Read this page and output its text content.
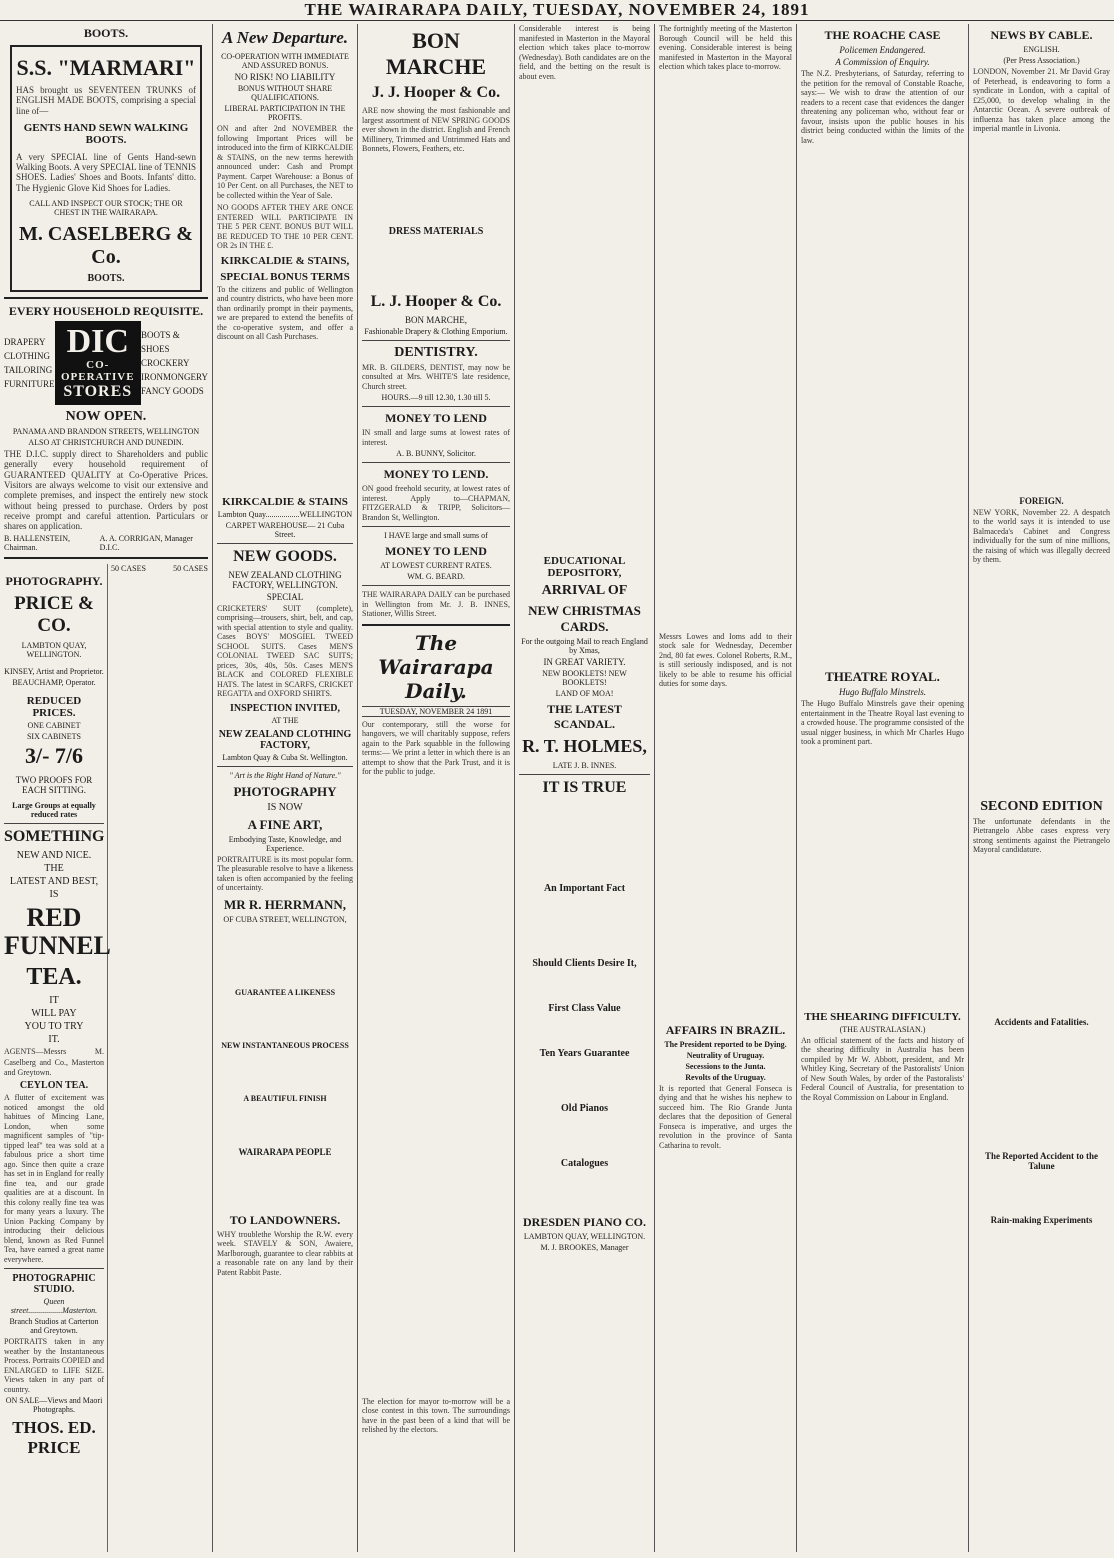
THE WAIRARAPA DAILY, TUESDAY, NOVEMBER 24, 1891
BOOTS.
S.S. "MARMARI"

HAS brought us SEVENTEEN TRUNKS of ENGLISH MADE BOOTS, comprising a special line of—

GENTS HAND SEWN WALKING BOOTS.

A very SPECIAL line of Gents Hand-sewn Walking Boots. A very SPECIAL line of TENNIS SHOES. Ladies' Shoes and Boots. Infants' ditto. The Hygienic Glove Kid Shoes for Ladies.

CALL AND INSPECT OUR STOCK; THE OR CHEST IN THE WAIRARAPA.
M. CASELBERG & Co.
BOOTS.
EVERY HOUSEHOLD REQUISITE.
DRAPERY
CLOTHING
TAILORING
FURNITURE
DIC
CO-OPERATIVE
STORES
BOOTS & SHOES
CROCKERY
IRONMONGERY
FANCY GOODS
NOW OPEN.
PANAMA AND BRANDON STREETS, WELLINGTON
ALSO AT CHRISTCHURCH AND DUNEDIN.

THE D.I.C. supply direct to Shareholders and public generally every household requirement of GUARANTEED QUALITY at Co-Operative Prices. Visitors are always welcome to visit our extensive and complete premises, and inspect the entirely new stock without being pressed to purchase. Orders by post receive prompt and careful attention. Particulars or shares on application.

B. HALLENSTEIN, Chairman.
A. A. CORRIGAN, Manager D.I.C.
PHOTOGRAPHY.
PRICE & CO.
LAMBTON QUAY, WELLINGTON.
KINSEY, Artist and Proprietor.
BEAUCHAMP, Operator.
REDUCED PRICES.
ONE CABINET
SIX CABINETS
3/- 7/6
TWO PROOFS FOR EACH SITTING.
Large Groups at equally reduced rates
SOMETHING
NEW AND NICE.
THE
LATEST AND BEST,
IS
RED FUNNEL
TEA.
IT
WILL PAY
YOU TO TRY
IT.

AGENTS—Messrs M. Caselberg and Co., Masterton and Greytown.

CEYLON TEA.

A flutter of excitement was noticed amongst the old habitues of Mincing Lane, London, when some magnificent samples of "tip-tipped leaf" tea was sold at a fabulous price a short time ago. Since then quite a craze has set in in England for really fine tea, and our grade qualities are at a discount. In this colony really fine tea was for many years a luxury. The Union Packing Company by introducing their delicious blend, known as Red Funnel Tea, have earned a great name everywhere.

PHOTOGRAPHIC STUDIO.
Queen street.................Masterton.
Branch Studios at Carterton and Greytown.

PORTRAITS taken in any weather by the Instantaneous Process. Portraits COPIED and ENLARGED to LIFE SIZE. Views taken in any part of country.

ON SALE—Views and Maori Photographs.
THOS. ED. PRICE
50 CASES	50 CASES
A New Departure.
CO-OPERATION WITH IMMEDIATE AND ASSURED BONUS.
NO RISK! NO LIABILITY
BONUS WITHOUT SHARE QUALIFICATIONS.
LIBERAL PARTICIPATION IN THE PROFITS.

ON and after 2nd NOVEMBER the following Important Prices will be introduced into the firm of KIRKCALDIE & STAINS, on the new terms herewith announced under: Cash and Prompt Payment. Carpet Warehouse: a Bonus of 10 Per Cent. on all Purchases, the NET to be collected within the Year of Sale.

NO GOODS AFTER THEY ARE ONCE ENTERED WILL PARTICIPATE IN THE 5 PER CENT. BONUS BUT WILL BE REDUCED TO THE 10 PER CENT. OR 2s IN THE £.

KIRKCALDIE & STAINS,
SPECIAL BONUS TERMS

To the citizens and public of Wellington and country districts, who have been more than ordinarily prompt in their payments, we are prepared to extend the benefits of the co-operative system, and offer a discount on all Cash Purchases.

KIRKCALDIE & STAINS
Lambton Quay.................WELLINGTON
CARPET WAREHOUSE— 21 Cuba Street.
NEW GOODS.
NEW ZEALAND CLOTHING FACTORY, WELLINGTON.
SPECIAL

CRICKETERS' SUIT (complete), comprising—trousers, shirt, belt, and cap, with special attention to style and quality. Cases BOYS' MOSGIEL TWEED SCHOOL SUITS. Cases MEN'S COLONIAL TWEED SAC SUITS; prices, 30s, 40s, 50s. Cases MEN'S BLACK and COLORED FLEXIBLE HATS. The latest in SCARFS, CRICKET REGATTA and OXFORD SHIRTS.

INSPECTION INVITED,
AT THE
NEW ZEALAND CLOTHING FACTORY,
Lambton Quay & Cuba St. Wellington.
" Art is the Right Hand of Nature."
PHOTOGRAPHY
IS NOW
A FINE ART,
Embodying Taste, Knowledge, and Experience.

PORTRAITURE is its most popular form. The pleasurable resolve to have a likeness taken is often accompanied by the feeling of uncertainty.

MR R. HERRMANN,
OF CUBA STREET, WELLINGTON,
GUARANTEE A LIKENESS
NEW INSTANTANEOUS PROCESS
A BEAUTIFUL FINISH
WAIRARAPA PEOPLE
TO LANDOWNERS.

WHY troublethe Worship the R.W. every week. STAVELY & SON, Awaiere, Marlborough, guarantee to clear rabbits at a reasonable rate on any land by their Patent Rabbit Paste.

BON MARCHE
J. J. Hooper & Co.

ARE now showing the most fashionable and largest assortment of NEW SPRING GOODS ever shown in the district. English and French Millinery, Trimmed and Untrimmed Hats and Bonnets, Flowers, Feathers, etc.

DRESS MATERIALS
L. J. Hooper & Co.
BON MARCHE,
Fashionable Drapery & Clothing Emporium.
DENTISTRY.

MR. B. GILDERS, DENTIST, may now be consulted at Mrs. WHITE'S late residence, Church street.

HOURS.—9 till 12.30, 1.30 till 5.
MONEY TO LEND

IN small and large sums at lowest rates of interest.

A. B. BUNNY, Solicitor.
MONEY TO LEND.

ON good freehold security, at lowest rates of interest. Apply to—CHAPMAN, FITZGERALD & TRIPP, Solicitors—Brandon St, Wellington.

I HAVE large and small sums of
MONEY TO LEND
AT LOWEST CURRENT RATES.
WM. G. BEARD.

THE WAIRARAPA DAILY can be purchased in Wellington from Mr. J. B. INNES, Stationer, Willis Street.

The Wairarapa Daily.
TUESDAY, NOVEMBER 24 1891

Our contemporary, still the worse for hangovers, we will charitably suppose, refers again to the Park squabble in the following terms:— We print a letter in which there is an attempt to show that the Park Trust, and it is for the public to judge.

The election for mayor to-morrow will be a close contest in this town. The surroundings have in the past been of a kind that will be relished by the electors.

Considerable interest is being manifested in Masterton in the Mayoral election which takes place to-morrow (Wednesday). Both candidates are on the field, and the betting on the result is about even.

EDUCATIONAL DEPOSITORY,
ARRIVAL OF
NEW CHRISTMAS CARDS.
For the outgoing Mail to reach England by Xmas,
IN GREAT VARIETY.
NEW BOOKLETS! NEW BOOKLETS!
LAND OF MOA!
THE LATEST SCANDAL.
R. T. HOLMES,
LATE J. B. INNES.
IT IS TRUE
An Important Fact
Should Clients Desire It,
First Class Value
Ten Years Guarantee
Old Pianos
Catalogues
DRESDEN PIANO CO.
LAMBTON QUAY, WELLINGTON.
M. J. BROOKES, Manager

The fortnightly meeting of the Masterton Borough Council will be held this evening. Considerable interest is being manifested in Masterton in the Mayoral election which takes place to-morrow.

Messrs Lowes and Ioms add to their stock sale for Wednesday, December 2nd, 80 fat ewes. Colonel Roberts, R.M., is still seriously indisposed, and is not likely to be able to resume his official duties for some days.

AFFAIRS IN BRAZIL.
The President reported to be Dying.
Neutrality of Uruguay.
Secessions to the Junta.
Revolts of the Uruguay.

It is reported that General Fonseca is dying and that he wishes his nephew to succeed him. The Rio Grande Junta declares that the deposition of General Fonseca is imperative, and urges the revolution in the province of Santa Catharina to revolt.

THE ROACHE CASE
Policemen Endangered.
A Commission of Enquiry.

The N.Z. Presbyterians, of Saturday, referring to the petition for the removal of Constable Roache, says:— We wish to draw the attention of our readers to a recent case that evidences the danger threatening any policeman who, without fear or favour, insists upon the public houses in his district being conducted within the limits of the law.

THEATRE ROYAL.
Hugo Buffalo Minstrels.

The Hugo Buffalo Minstrels gave their opening entertainment in the Theatre Royal last evening to a crowded house. The programme consisted of the usual nigger business, in which Mr Charles Hugo took a prominent part.

THE SHEARING DIFFICULTY.
(THE AUSTRALASIAN.)

An official statement of the facts and history of the shearing difficulty in Australia has been compiled by Mr W. Abbott, president, and Mr Whitley King, Secretary of the Pastoralists' Union of New South Wales, by order of the Pastoralists' Federal Council of Australia, for presentation to the Royal Commission on Labour in England.

NEWS BY CABLE.
ENGLISH.
(Per Press Association.)

LONDON, November 21. Mr David Gray of Peterhead, is endeavoring to form a syndicate in London, with a capital of £25,000, to develop whaling in the Antarctic Ocean. A severe outbreak of influenza has taken place among the imperial mantle in Livonia.

FOREIGN.

NEW YORK, November 22. A despatch to the world says it is intended to use Balmaceda's Cabinet and Congress individually for the sum of nine millions, the raising of which was illegally decreed by them.

SECOND EDITION

The unfortunate defendants in the Pietrangelo Abbe cases express very strong sentiments against the Pietrangelo Mayoral candidature.

Accidents and Fatalities.
The Reported Accident to the Talune
Rain-making Experiments
